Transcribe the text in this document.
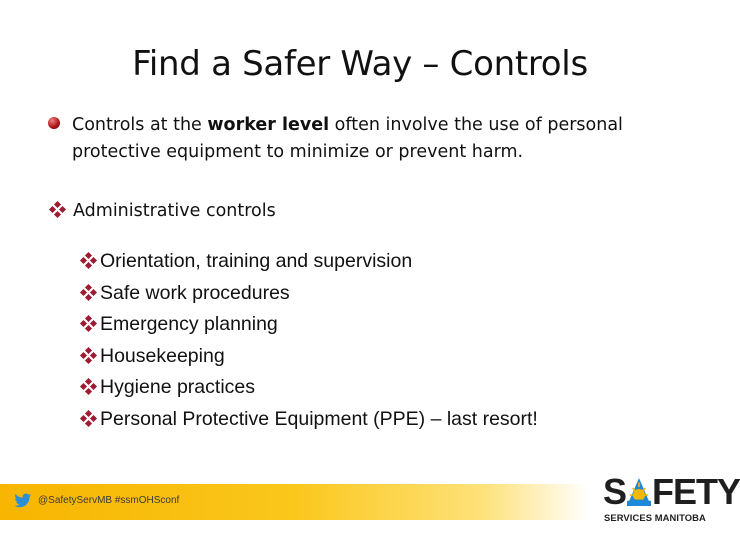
Find a Safer Way – Controls
Controls at the worker level often involve the use of personal protective equipment to minimize or prevent harm.
Administrative controls
Orientation, training and supervision
Safe work procedures
Emergency planning
Housekeeping
Hygiene practices
Personal Protective Equipment (PPE) – last resort!
@SafetyServMB #ssmOHSconf	S FETY
SERVICES MANITOBA
